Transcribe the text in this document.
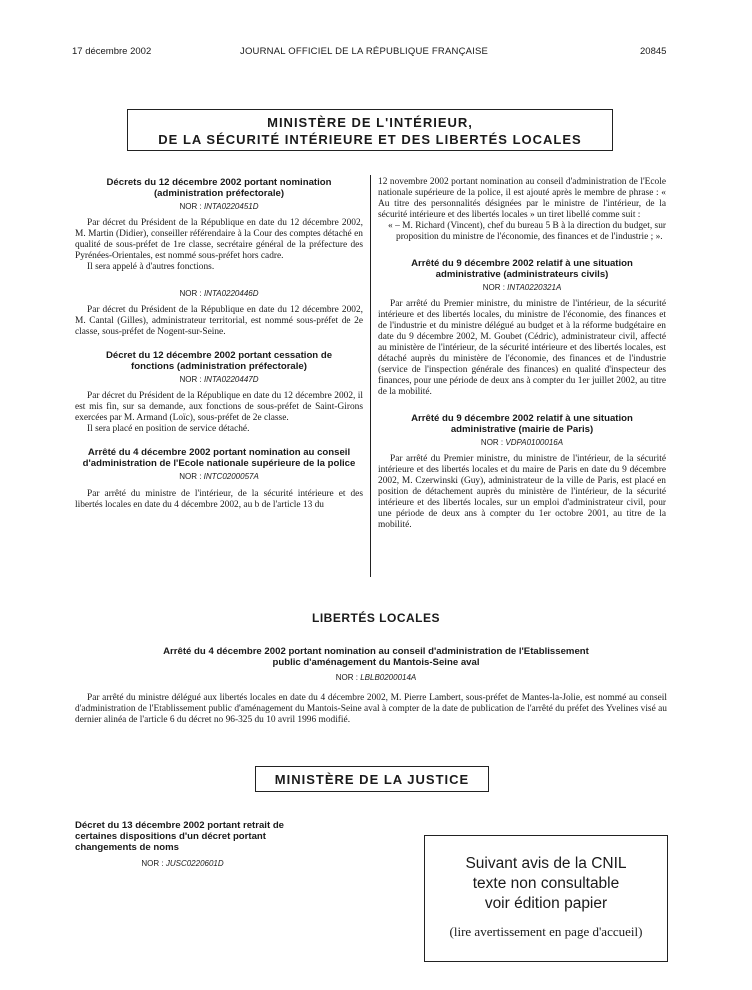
17 décembre 2002	JOURNAL OFFICIEL DE LA RÉPUBLIQUE FRANÇAISE	20845
MINISTÈRE DE L'INTÉRIEUR,
DE LA SÉCURITÉ INTÉRIEURE ET DES LIBERTÉS LOCALES
Décrets du 12 décembre 2002 portant nomination (administration préfectorale)
NOR : INTA0220451D

Par décret du Président de la République en date du 12 décembre 2002, M. Martin (Didier), conseiller référendaire à la Cour des comptes détaché en qualité de sous-préfet de 1re classe, secrétaire général de la préfecture des Pyrénées-Orientales, est nommé sous-préfet hors cadre.

Il sera appelé à d'autres fonctions.

NOR : INTA0220446D

Par décret du Président de la République en date du 12 décembre 2002, M. Cantal (Gilles), administrateur territorial, est nommé sous-préfet de 2e classe, sous-préfet de Nogent-sur-Seine.

Décret du 12 décembre 2002 portant cessation de fonctions (administration préfectorale)
NOR : INTA0220447D

Par décret du Président de la République en date du 12 décembre 2002, il est mis fin, sur sa demande, aux fonctions de sous-préfet de Saint-Girons exercées par M. Armand (Loïc), sous-préfet de 2e classe.

Il sera placé en position de service détaché.

Arrêté du 4 décembre 2002 portant nomination au conseil d'administration de l'Ecole nationale supérieure de la police
NOR : INTC0200057A

Par arrêté du ministre de l'intérieur, de la sécurité intérieure et des libertés locales en date du 4 décembre 2002, au b de l'article 13 du

12 novembre 2002 portant nomination au conseil d'administration de l'Ecole nationale supérieure de la police, il est ajouté après le membre de phrase : « Au titre des personnalités désignées par le ministre de l'intérieur, de la sécurité intérieure et des libertés locales » un tiret libellé comme suit :

« – M. Richard (Vincent), chef du bureau 5 B à la direction du budget, sur proposition du ministre de l'économie, des finances et de l'industrie ; ».

Arrêté du 9 décembre 2002 relatif à une situation administrative (administrateurs civils)
NOR : INTA0220321A

Par arrêté du Premier ministre, du ministre de l'intérieur, de la sécurité intérieure et des libertés locales, du ministre de l'économie, des finances et de l'industrie et du ministre délégué au budget et à la réforme budgétaire en date du 9 décembre 2002, M. Goubet (Cédric), administrateur civil, affecté au ministère de l'intérieur, de la sécurité intérieure et des libertés locales, est détaché auprès du ministère de l'économie, des finances et de l'industrie (service de l'inspection générale des finances) en qualité d'inspecteur des finances, pour une période de deux ans à compter du 1er juillet 2002, au titre de la mobilité.

Arrêté du 9 décembre 2002 relatif à une situation administrative (mairie de Paris)
NOR : VDPA0100016A

Par arrêté du Premier ministre, du ministre de l'intérieur, de la sécurité intérieure et des libertés locales et du maire de Paris en date du 9 décembre 2002, M. Czerwinski (Guy), administrateur de la ville de Paris, est placé en position de détachement auprès du ministère de l'intérieur, de la sécurité intérieure et des libertés locales, sur un emploi d'administrateur civil, pour une période de deux ans à compter du 1er octobre 2001, au titre de la mobilité.

LIBERTÉS LOCALES
Arrêté du 4 décembre 2002 portant nomination au conseil d'administration de l'Etablissement public d'aménagement du Mantois-Seine aval
NOR : LBLB0200014A

Par arrêté du ministre délégué aux libertés locales en date du 4 décembre 2002, M. Pierre Lambert, sous-préfet de Mantes-la-Jolie, est nommé au conseil d'administration de l'Etablissement public d'aménagement du Mantois-Seine aval à compter de la date de publication de l'arrêté du préfet des Yvelines visé au dernier alinéa de l'article 6 du décret no 96-325 du 10 avril 1996 modifié.

MINISTÈRE DE LA JUSTICE
Décret du 13 décembre 2002 portant retrait de certaines dispositions d'un décret portant changements de noms
NOR : JUSC0220601D	Suivant avis de la CNIL
texte non consultable
voir édition papier
(lire avertissement en page d'accueil)
